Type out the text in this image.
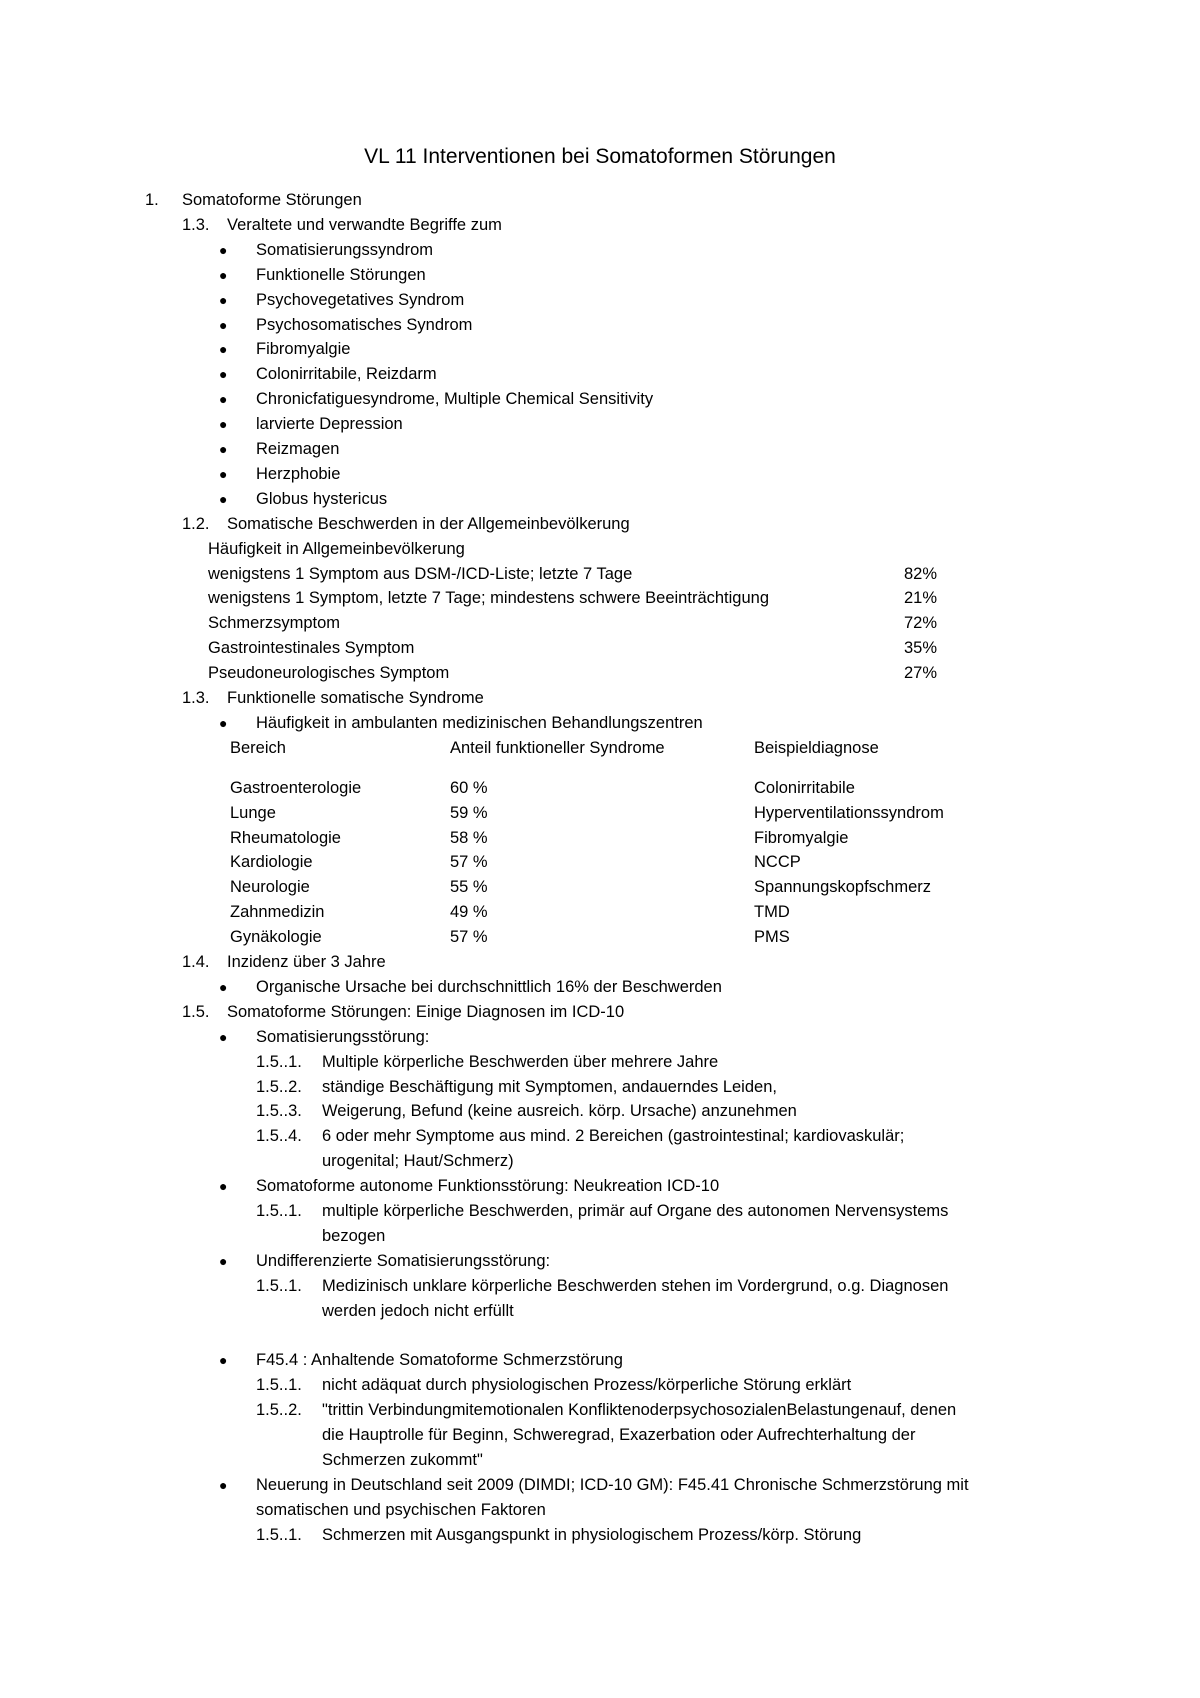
VL 11 Interventionen bei Somatoformen Störungen
1. Somatoforme Störungen
1.3. Veraltete und verwandte Begriffe zum
● Somatisierungssyndrom
● Funktionelle Störungen
● Psychovegetatives Syndrom
● Psychosomatisches Syndrom
● Fibromyalgie
● Colonirritabile, Reizdarm
● Chronicfatiguesyndrome, Multiple Chemical Sensitivity
● larvierte Depression
● Reizmagen
● Herzphobie
● Globus hystericus
1.2. Somatische Beschwerden in der Allgemeinbevölkerung
Häufigkeit in Allgemeinbevölkerung
wenigstens 1 Symptom aus DSM-/ICD-Liste; letzte 7 Tage	82%
wenigstens 1 Symptom, letzte 7 Tage; mindestens schwere Beeinträchtigung	21%
Schmerzsymptom	72%
Gastrointestinales Symptom	35%
Pseudoneurologisches Symptom	27%
1.3. Funktionelle somatische Syndrome
● Häufigkeit in ambulanten medizinischen Behandlungszentren
Bereich	Anteil funktioneller Syndrome	Beispieldiagnose
Gastroenterologie	60 %	Colonirritabile
Lunge	59 %	Hyperventilationssyndrom
Rheumatologie	58 %	Fibromyalgie
Kardiologie	57 %	NCCP
Neurologie	55 %	Spannungskopfschmerz
Zahnmedizin	49 %	TMD
Gynäkologie	57 %	PMS
1.4. Inzidenz über 3 Jahre
● Organische Ursache bei durchschnittlich 16% der Beschwerden
1.5. Somatoforme Störungen: Einige Diagnosen im ICD-10
● Somatisierungsstörung:
1.5..1. Multiple körperliche Beschwerden über mehrere Jahre
1.5..2. ständige Beschäftigung mit Symptomen, andauerndes Leiden,
1.5..3. Weigerung, Befund (keine ausreich. körp. Ursache) anzunehmen
1.5..4. 6 oder mehr Symptome aus mind. 2 Bereichen (gastrointestinal; kardiovaskulär;
urogenital; Haut/Schmerz)
● Somatoforme autonome Funktionsstörung: Neukreation ICD-10
1.5..1. multiple körperliche Beschwerden, primär auf Organe des autonomen Nervensystems
bezogen
● Undifferenzierte Somatisierungsstörung:
1.5..1. Medizinisch unklare körperliche Beschwerden stehen im Vordergrund, o.g. Diagnosen
werden jedoch nicht erfüllt
● F45.4 : Anhaltende Somatoforme Schmerzstörung
1.5..1. nicht adäquat durch physiologischen Prozess/körperliche Störung erklärt
1.5..2. "trittin Verbindungmitemotionalen KonfliktenoderpsychosozialenBelastungenauf, denen
die Hauptrolle für Beginn, Schweregrad, Exazerbation oder Aufrechterhaltung der
Schmerzen zukommt"
● Neuerung in Deutschland seit 2009 (DIMDI; ICD-10 GM): F45.41 Chronische Schmerzstörung mit
somatischen und psychischen Faktoren
1.5..1. Schmerzen mit Ausgangspunkt in physiologischem Prozess/körp. Störung
